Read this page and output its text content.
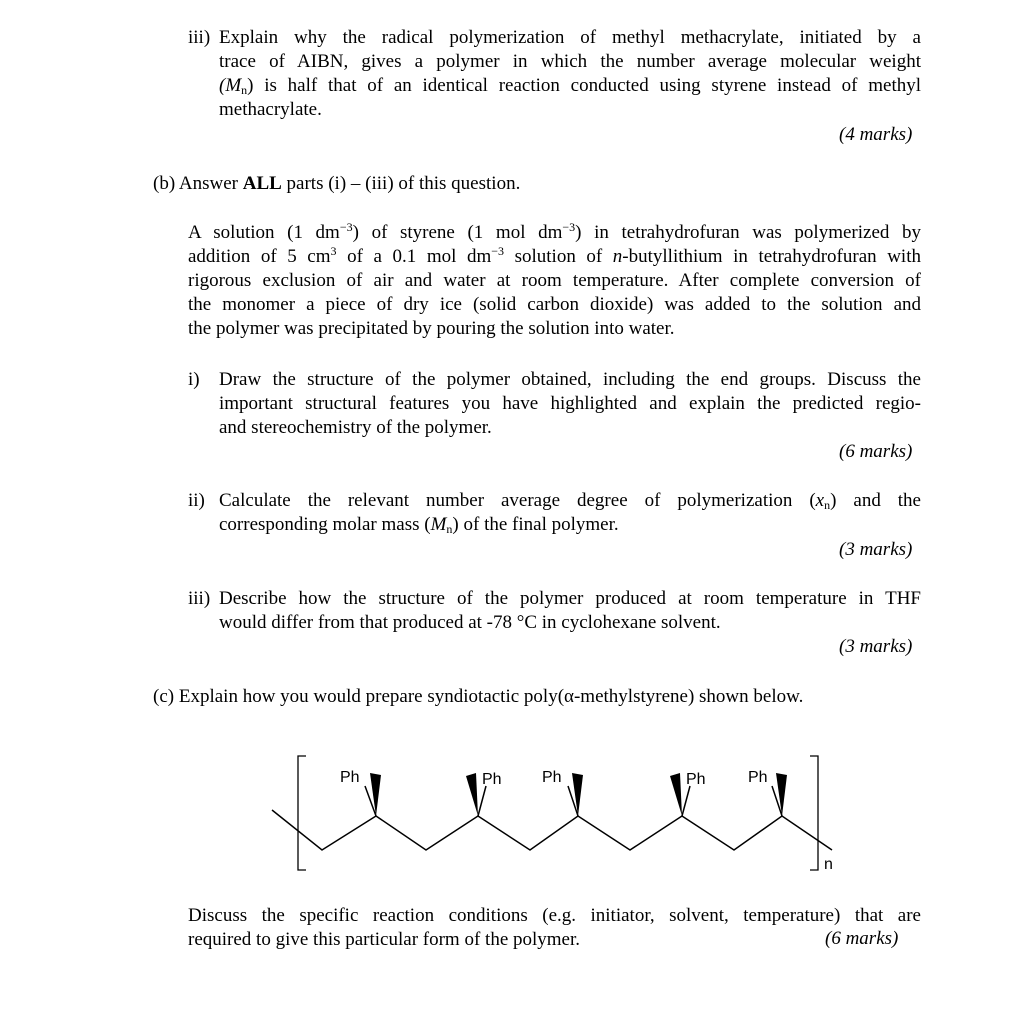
iii) Explain why the radical polymerization of methyl methacrylate, initiated by a
trace of AIBN, gives a polymer in which the number average molecular weight
$(M_n)$ is half that of an identical reaction conducted using styrene instead of methyl
methacrylate.
(4 marks)
(b) Answer ALL parts (i) – (iii) of this question.
A solution (1 $dm^{-3}$) of styrene (1 mol $dm^{-3}$) in tetrahydrofuran was polymerized by
addition of 5 $cm^3$ of a 0.1 mol $dm^{-3}$ solution of n-butyllithium in tetrahydrofuran with
rigorous exclusion of air and water at room temperature. After complete conversion of
the monomer a piece of dry ice (solid carbon dioxide) was added to the solution and
the polymer was precipitated by pouring the solution into water.
i) Draw the structure of the polymer obtained, including the end groups. Discuss the
important structural features you have highlighted and explain the predicted regio-
and stereochemistry of the polymer.
(6 marks)
ii) Calculate the relevant number average degree of polymerization $(x_n)$ and the
corresponding molar mass $(M_n)$ of the final polymer.
(3 marks)
iii) Describe how the structure of the polymer produced at room temperature in THF
would differ from that produced at -78 °C in cyclohexane solvent.
(3 marks)
(c) Explain how you would prepare syndiotactic poly(α-methylstyrene) shown below.
Ph	Ph	Ph	Ph	Ph
n
Discuss the specific reaction conditions (e.g. initiator, solvent, temperature) that are
required to give this particular form of the polymer.	(6 marks)
